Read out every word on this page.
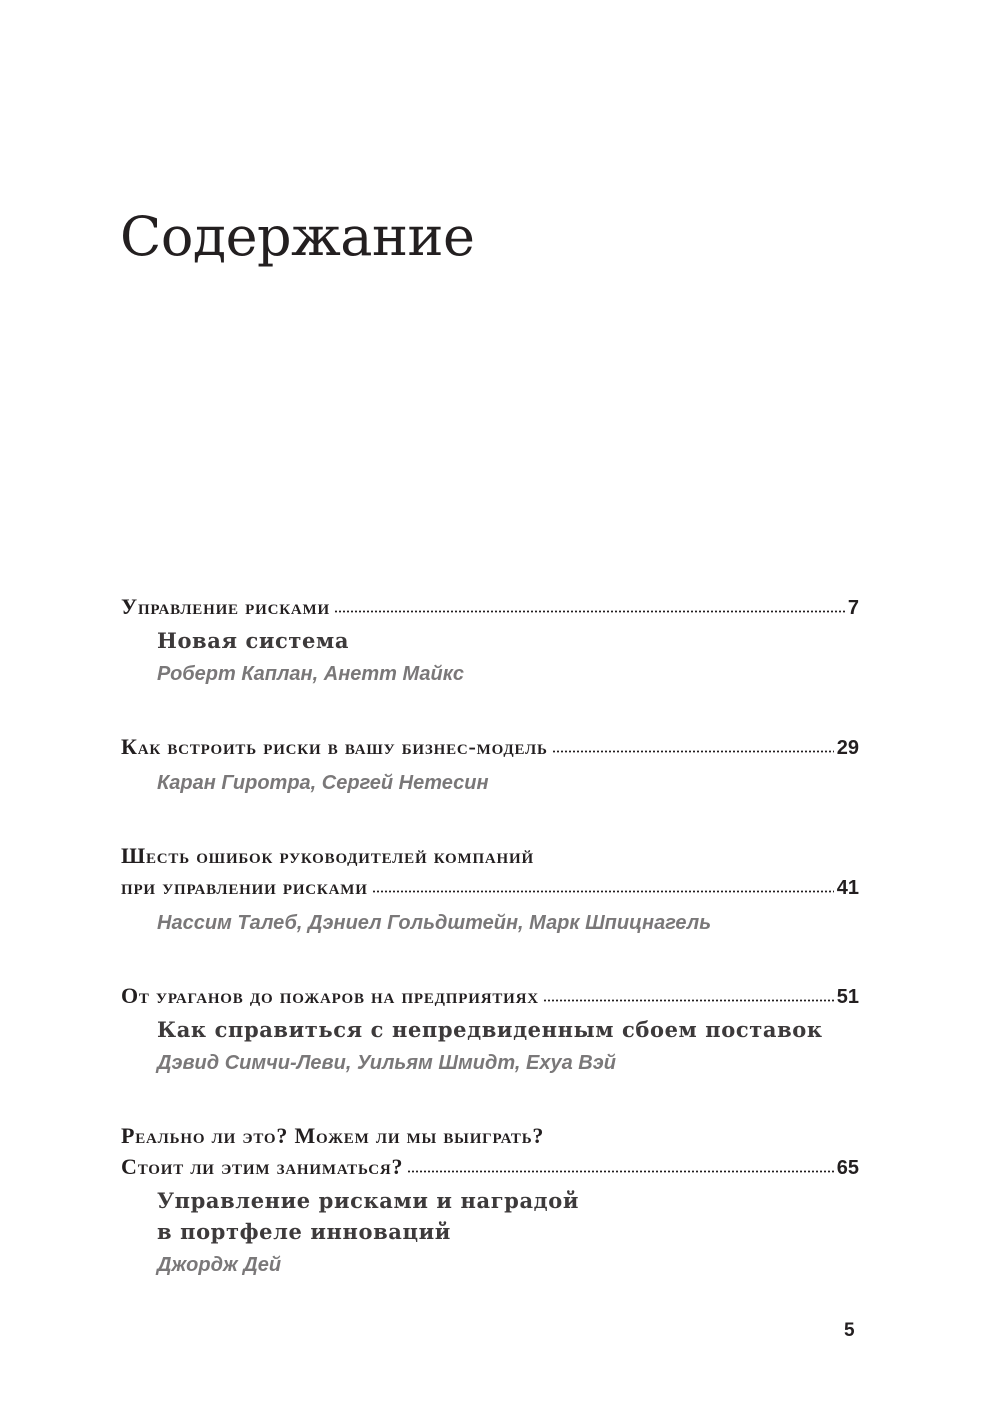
Содержание
Управление рисками	7
Новая система
Роберт Каплан, Анетт Майкс
Как встроить риски в вашу бизнес-модель	29
Каран Гиротра, Сергей Нетесин
Шесть ошибок руководителей компаний
при управлении рисками	41
Нассим Талеб, Дэниел Гольдштейн, Марк Шпицнагель
От ураганов до пожаров на предприятиях	51
Как справиться с непредвиденным сбоем поставок
Дэвид Симчи-Леви, Уильям Шмидт, Ехуа Вэй
Реально ли это? Можем ли мы выиграть?
Стоит ли этим заниматься?	65
Управление рисками и наградой
в портфеле инноваций
Джордж Дей
5
